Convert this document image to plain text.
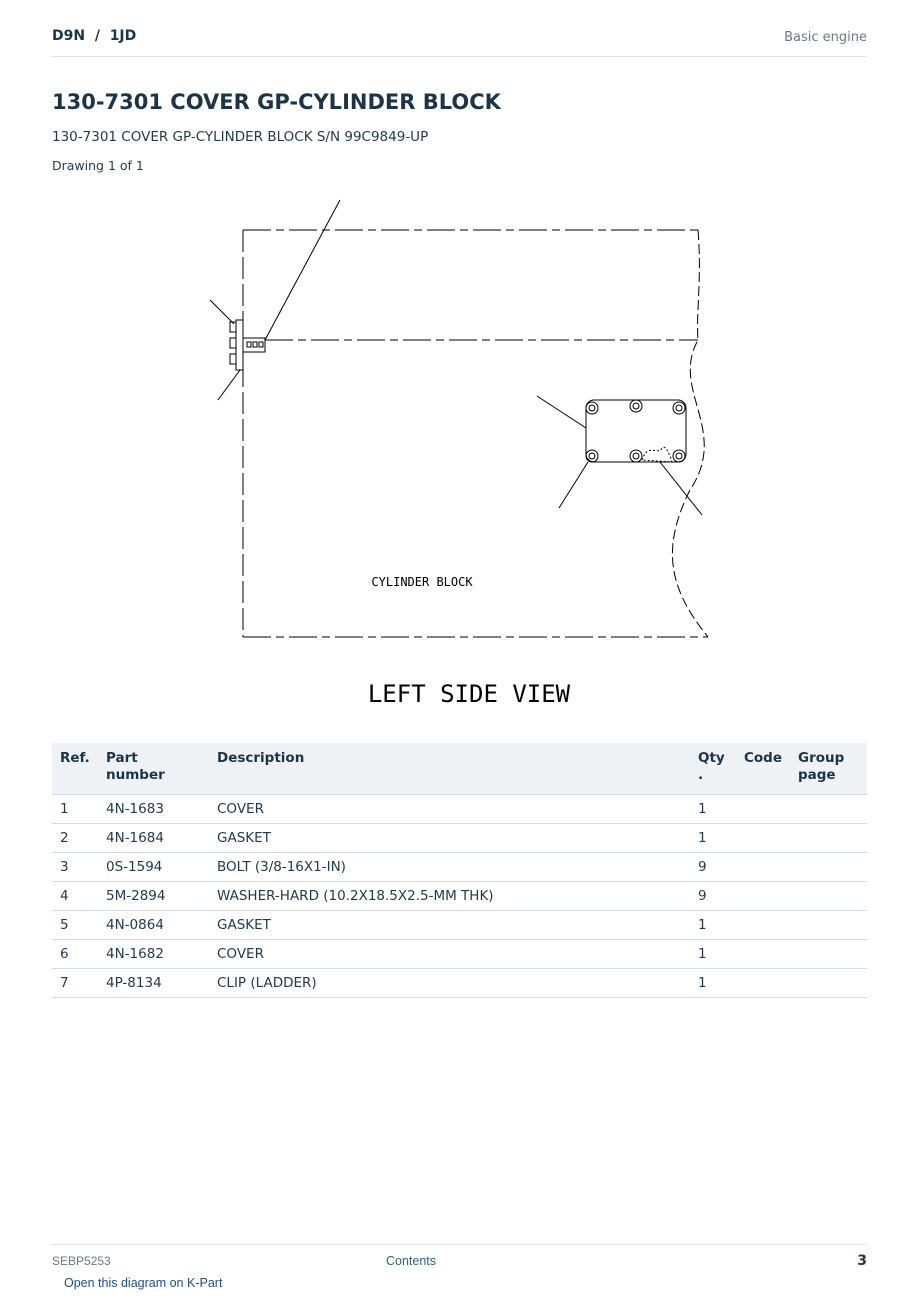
D9N  /  1JD	Basic engine
130-7301 COVER GP-CYLINDER BLOCK
130-7301 COVER GP-CYLINDER BLOCK S/N 99C9849-UP
Drawing 1 of 1
CYLINDER BLOCK
LEFT SIDE VIEW
Ref.	Part number	Description	Qty .	Code	Group page
1	4N-1683	COVER	1		
2	4N-1684	GASKET	1		
3	0S-1594	BOLT (3/8-16X1-IN)	9		
4	5M-2894	WASHER-HARD (10.2X18.5X2.5-MM THK)	9		
5	4N-0864	GASKET	1		
6	4N-1682	COVER	1		
7	4P-8134	CLIP (LADDER)	1		
SEBP5253	Contents	3
Open this diagram on K-Part
